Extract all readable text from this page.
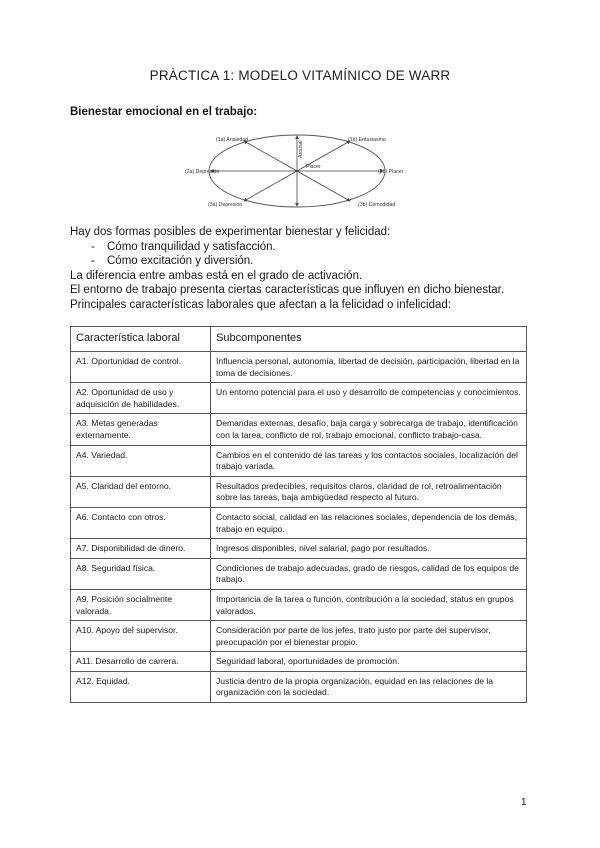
PRÀCTICA 1: MODELO VITAMÍNICO DE WARR
Bienestar emocional en el trabajo:
Arousal
Placer
(1a) Ansiedad	(1b) Entusiasmo
(2a) Depresión	(2b) Placer
(3a) Depresión	(3b) Comodidad

Hay dos formas posibles de experimentar bienestar y felicidad:

- Cómo tranquilidad y satisfacción.

- Cómo excitación y diversión.

La diferencia entre ambas está en el grado de activación.

El entorno de trabajo presenta ciertas características que influyen en dicho bienestar.

Principales características laborales que afectan a la felicidad o infelicidad:

Característica laboral	Subcomponentes
A1. Oportunidad de control.	Influencia personal, autonomía, libertad de decisión, participación, libertad en la toma de decisiones.
A2. Oportunidad de uso y adquisición de habilidades.	Un entorno potencial para el uso y desarrollo de competencias y conocimientos.
A3. Metas generadas externamente.	Demandas externas, desafío, baja carga y sobrecarga de trabajo, identificación con la tarea, conflicto de rol, trabajo emocional, conflicto trabajo-casa.
A4. Variedad.	Cambios en el contenido de las tareas y los contactos sociales, localización del trabajo variada.
A5. Claridad del entorno.	Resultados predecibles, requisitos claros, claridad de rol, retroalimentación sobre las tareas, baja ambigüedad respecto al futuro.
A6. Contacto con otros.	Contacto social, calidad en las relaciones sociales, dependencia de los demás, trabajo en equipo.
A7. Disponibilidad de dinero.	Ingresos disponibles, nivel salarial, pago por resultados.
A8. Seguridad física.	Condiciones de trabajo adecuadas, grado de riesgos, calidad de los equipos de trabajo.
A9. Posición socialmente valorada.	Importancia de la tarea o función, contribución a la sociedad, status en grupos valorados.
A10. Apoyo del supervisor.	Consideración por parte de los jefes, trato justo por parte del supervisor, preocupación por el bienestar propio.
A11. Desarrollo de carrera.	Seguridad laboral, oportunidades de promoción.
A12. Equidad.	Justicia dentro de la propia organización, equidad en las relaciones de la organización con la sociedad.
1
